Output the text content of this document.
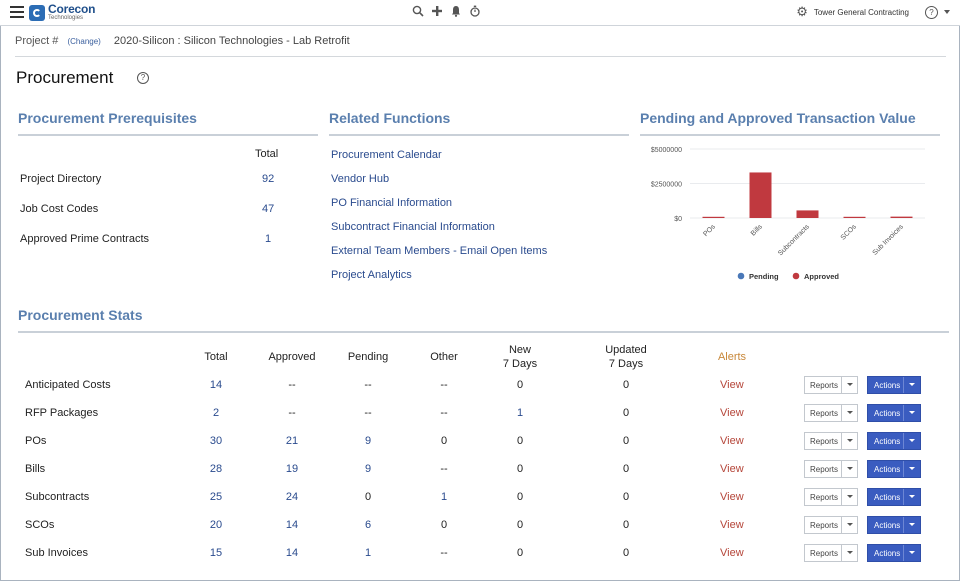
Corecon
Technologies	⚙ Tower General Contracting	?
Project # (Change) 2020-Silicon : Silicon Technologies - Lab Retrofit
Procurement	?
Procurement Prerequisites	Related Functions	Pending and Approved Transaction Value
Total
Project Directory	92
Job Cost Codes	47
Approved Prime Contracts	1
Procurement Calendar
Vendor Hub
PO Financial Information
Subcontract Financial Information
External Team Members - Email Open Items
Project Analytics
$0
$2500000
$5000000
POs	Bills Subcontracts	SCOs Sub Invoices
Pending	Approved
Procurement Stats
Total	Approved	Pending	Other
New
7 Days
Updated
7 Days
Alerts
Anticipated Costs	14	--	--	--	0	0	View	Reports	Actions
RFP Packages	2	--	--	--	1	0	View	Reports	Actions
POs	30	21	9	0	0	0	View	Reports	Actions
Bills	28	19	9	--	0	0	View	Reports	Actions
Subcontracts	25	24	0	1	0	0	View	Reports	Actions
SCOs	20	14	6	0	0	0	View	Reports	Actions
Sub Invoices	15	14	1	--	0	0	View	Reports	Actions
